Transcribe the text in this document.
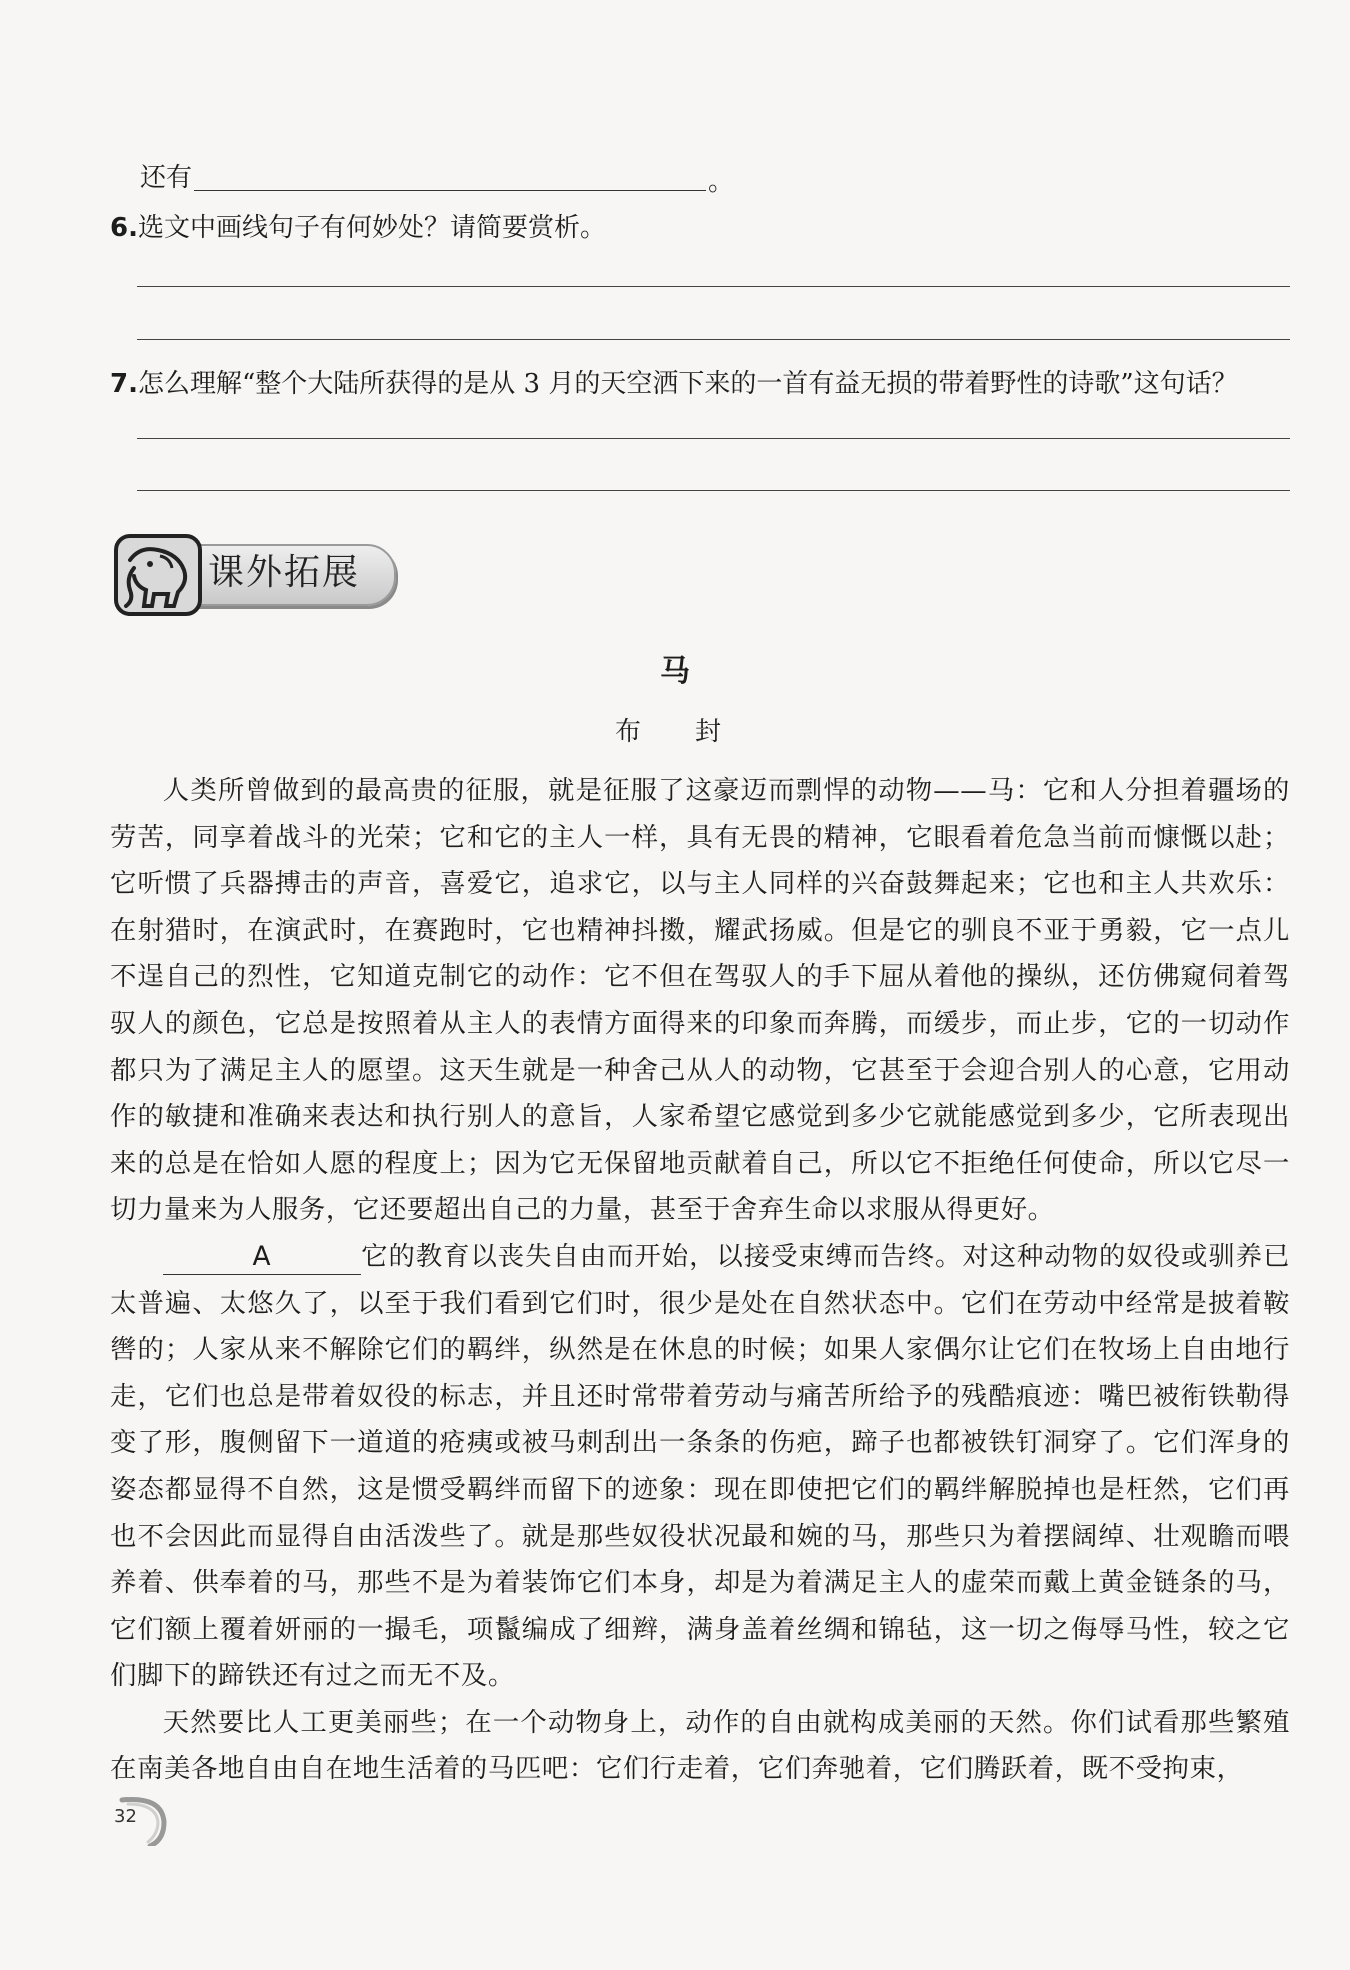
还有	。
6.选文中画线句子有何妙处？请简要赏析。
7.怎么理解“整个大陆所获得的是从 3 月的天空洒下来的一首有益无损的带着野性的诗歌”这句话？
课外拓展
马
布　封

人类所曾做到的最高贵的征服，就是征服了这豪迈而剽悍的动物——马：它和人分担着疆场的劳苦，同享着战斗的光荣；它和它的主人一样，具有无畏的精神，它眼看着危急当前而慷慨以赴；它听惯了兵器搏击的声音，喜爱它，追求它，以与主人同样的兴奋鼓舞起来；它也和主人共欢乐：在射猎时，在演武时，在赛跑时，它也精神抖擞，耀武扬威。但是它的驯良不亚于勇毅，它一点儿不逞自己的烈性，它知道克制它的动作：它不但在驾驭人的手下屈从着他的操纵，还仿佛窥伺着驾驭人的颜色，它总是按照着从主人的表情方面得来的印象而奔腾，而缓步，而止步，它的一切动作都只为了满足主人的愿望。这天生就是一种舍己从人的动物，它甚至于会迎合别人的心意，它用动作的敏捷和准确来表达和执行别人的意旨，人家希望它感觉到多少它就能感觉到多少，它所表现出来的总是在恰如人愿的程度上；因为它无保留地贡献着自己，所以它不拒绝任何使命，所以它尽一切力量来为人服务，它还要超出自己的力量，甚至于舍弃生命以求服从得更好。

A	它的教育以丧失自由而开始，以接受束缚而告终。对这种动物的奴役或驯养已太普遍、太悠久了，以至于我们看到它们时，很少是处在自然状态中。它们在劳动中经常是披着鞍辔的；人家从来不解除它们的羁绊，纵然是在休息的时候；如果人家偶尔让它们在牧场上自由地行走，它们也总是带着奴役的标志，并且还时常带着劳动与痛苦所给予的残酷痕迹：嘴巴被衔铁勒得变了形，腹侧留下一道道的疮痍或被马刺刮出一条条的伤疤，蹄子也都被铁钉洞穿了。它们浑身的姿态都显得不自然，这是惯受羁绊而留下的迹象：现在即使把它们的羁绊解脱掉也是枉然，它们再也不会因此而显得自由活泼些了。就是那些奴役状况最和婉的马，那些只为着摆阔绰、壮观瞻而喂养着、供奉着的马，那些不是为着装饰它们本身，却是为着满足主人的虚荣而戴上黄金链条的马，它们额上覆着妍丽的一撮毛，项鬣编成了细辫，满身盖着丝绸和锦毡，这一切之侮辱马性，较之它们脚下的蹄铁还有过之而无不及。

天然要比人工更美丽些；在一个动物身上，动作的自由就构成美丽的天然。你们试看那些繁殖在南美各地自由自在地生活着的马匹吧：它们行走着，它们奔驰着，它们腾跃着，既不受拘束，

32
